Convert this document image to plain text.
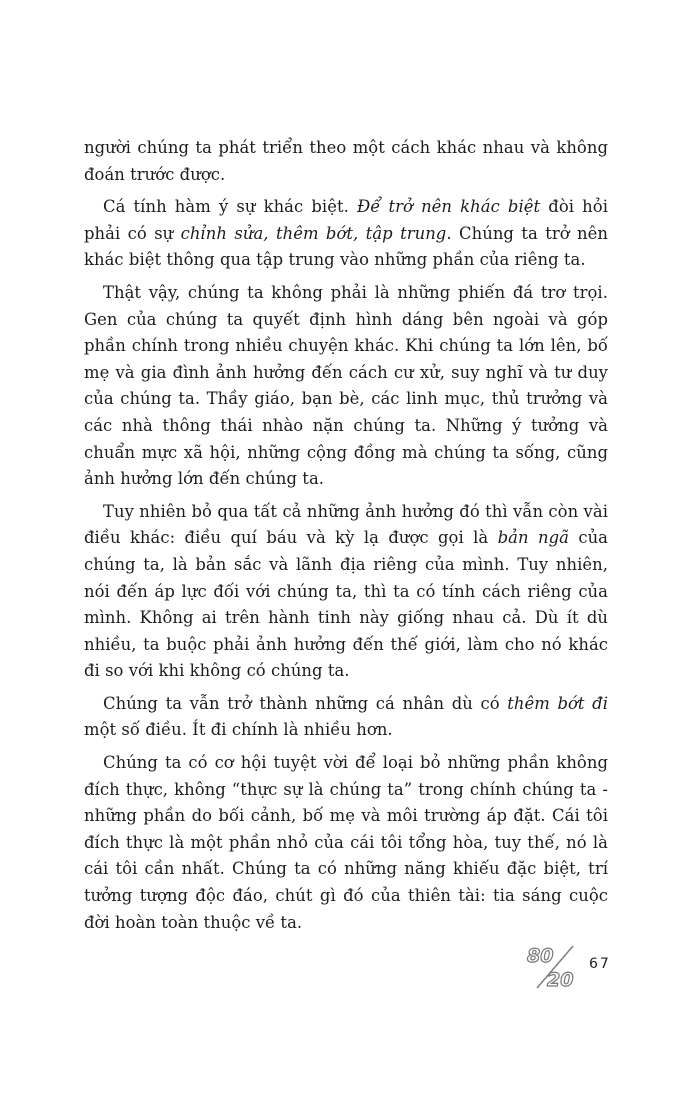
người chúng ta phát triển theo một cách khác nhau và không đoán trước được.

Cá tính hàm ý sự khác biệt. Để trở nên khác biệt đòi hỏi phải có sự chỉnh sửa, thêm bớt, tập trung. Chúng ta trở nên khác biệt thông qua tập trung vào những phần của riêng ta.

Thật vậy, chúng ta không phải là những phiến đá trơ trọi. Gen của chúng ta quyết định hình dáng bên ngoài và góp phần chính trong nhiều chuyện khác. Khi chúng ta lớn lên, bố mẹ và gia đình ảnh hưởng đến cách cư xử, suy nghĩ và tư duy của chúng ta. Thầy giáo, bạn bè, các linh mục, thủ trưởng và các nhà thông thái nhào nặn chúng ta. Những ý tưởng và chuẩn mực xã hội, những cộng đồng mà chúng ta sống, cũng ảnh hưởng lớn đến chúng ta.

Tuy nhiên bỏ qua tất cả những ảnh hưởng đó thì vẫn còn vài điều khác: điều quí báu và kỳ lạ được gọi là bản ngã của chúng ta, là bản sắc và lãnh địa riêng của mình. Tuy nhiên, nói đến áp lực đối với chúng ta, thì ta có tính cách riêng của mình. Không ai trên hành tinh này giống nhau cả. Dù ít dù nhiều, ta buộc phải ảnh hưởng đến thế giới, làm cho nó khác đi so với khi không có chúng ta.

Chúng ta vẫn trở thành những cá nhân dù có thêm bớt đi một số điều. Ít đi chính là nhiều hơn.

Chúng ta có cơ hội tuyệt vời để loại bỏ những phần không đích thực, không “thực sự là chúng ta” trong chính chúng ta - những phần do bối cảnh, bố mẹ và môi trường áp đặt. Cái tôi đích thực là một phần nhỏ của cái tôi tổng hòa, tuy thế, nó là cái tôi cần nhất. Chúng ta có những năng khiếu đặc biệt, trí tưởng tượng độc đáo, chút gì đó của thiên tài: tia sáng cuộc đời hoàn toàn thuộc về ta.

80
20
67
